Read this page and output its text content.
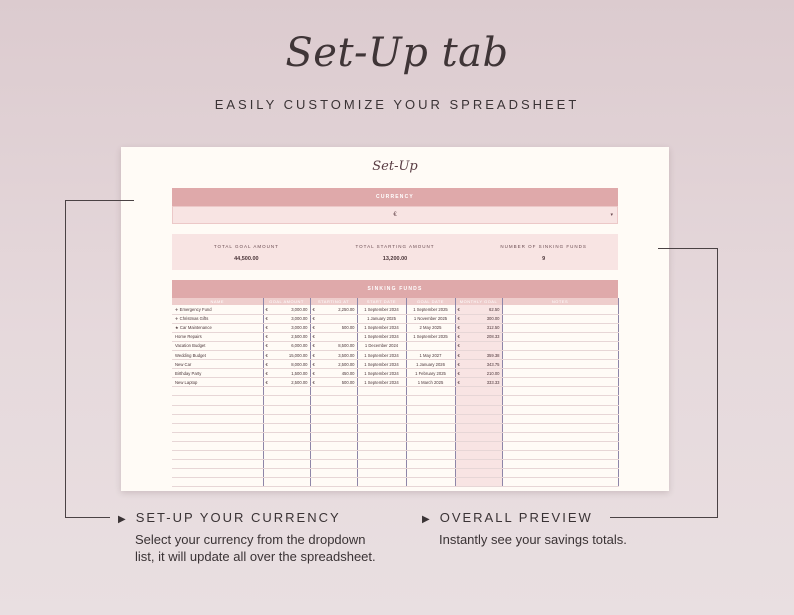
Set-Up tab
EASILY CUSTOMIZE YOUR SPREADSHEET
Set-Up
CURRENCY
€	▾
TOTAL GOAL AMOUNT
44,500.00
TOTAL STARTING AMOUNT
13,200.00
NUMBER OF SINKING FUNDS
9
SINKING FUNDS
NAME	GOAL AMOUNT	STARTING AT	START DATE	GOAL DATE	MONTHLY GOAL	NOTES
✈ Emergency Fund	€ 3,000.00	€ 2,250.00	1 September 2024	1 September 2025	€ 62.50	

✈ Christmas Gifts	€ 3,000.00	€	1 January 2025	1 November 2025	€ 300.00	

★ Car Maintenance	€ 3,000.00	€ 500.00	1 September 2024	2 May 2025	€ 312.50	

Home Repairs	€ 2,500.00	€	1 September 2024	1 September 2025	€ 208.33	

Vacation Budget	€ 6,000.00	€ 8,500.00	1 December 2024		€	

Wedding Budget	€ 15,000.00	€ 3,500.00	1 September 2024	1 May 2027	€ 359.38	

New Car	€ 8,000.00	€ 2,500.00	1 September 2024	1 January 2026	€ 343.75	

Birthday Party	€ 1,500.00	€ 450.00	1 September 2024	1 February 2025	€ 210.00	

New Laptop	€ 2,500.00	€ 500.00	1 September 2024	1 March 2025	€ 333.33	

▶ SET-UP YOUR CURRENCY
Select your currency from the dropdown
list, it will update all over the spreadsheet.
▶ OVERALL PREVIEW
Instantly see your savings totals.
